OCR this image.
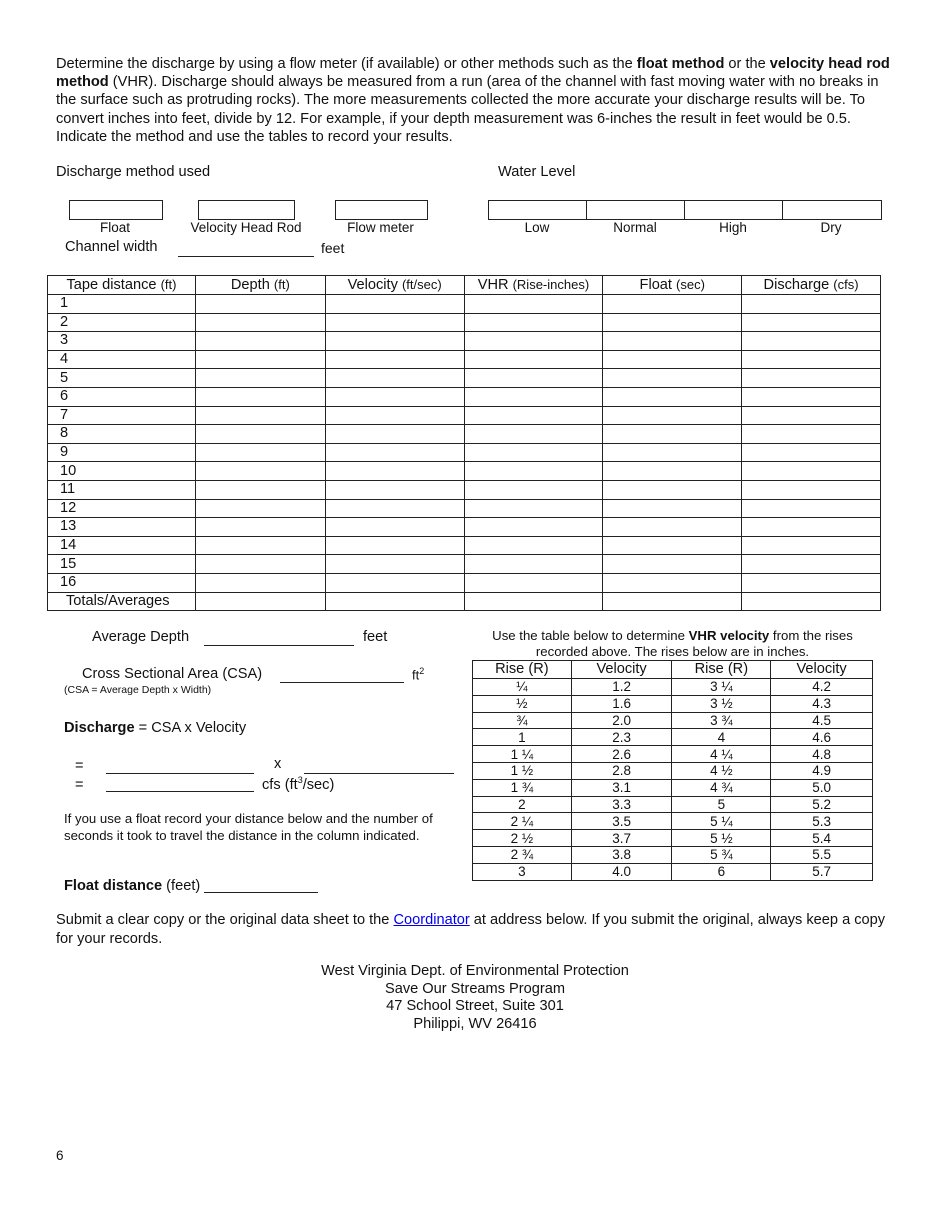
Determine the discharge by using a flow meter (if available) or other methods such as the float method or the velocity head rod method (VHR). Discharge should always be measured from a run (area of the channel with fast moving water with no breaks in the surface such as protruding rocks). The more measurements collected the more accurate your discharge results will be. To convert inches into feet, divide by 12. For example, if your depth measurement was 6-inches the result in feet would be 0.5. Indicate the method and use the tables to record your results.
Discharge method used	Water Level
Float	Velocity Head Rod	Flow meter	Low	Normal	High	Dry
Channel width	feet
Tape distance (ft)	Depth (ft)	Velocity (ft/sec)	VHR (Rise-inches)	Float (sec)	Discharge (cfs)
1					
2					
3					
4					
5					
6					
7					
8					
9					
10					
11					
12					
13					
14					
15					
16					
Totals/Averages					
Average Depth	feet
Cross Sectional Area (CSA)	$ft^2$
(CSA = Average Depth x Width)
Discharge = CSA x Velocity
=	x
=	cfs $(ft^3/\sec)$
If you use a float record your distance below and the number of seconds it took to travel the distance in the column indicated.
Float distance (feet) ______________
Use the table below to determine VHR velocity from the rises recorded above. The rises below are in inches.
Rise (R)	Velocity	Rise (R)	Velocity
¼	1.2	3 ¼	4.2
½	1.6	3 ½	4.3
¾	2.0	3 ¾	4.5
1	2.3	4	4.6
1 ¼	2.6	4 ¼	4.8
1 ½	2.8	4 ½	4.9
1 ¾	3.1	4 ¾	5.0
2	3.3	5	5.2
2 ¼	3.5	5 ¼	5.3
2 ½	3.7	5 ½	5.4
2 ¾	3.8	5 ¾	5.5
3	4.0	6	5.7
Submit a clear copy or the original data sheet to the Coordinator at address below. If you submit the original, always keep a copy for your records.
West Virginia Dept. of Environmental Protection
Save Our Streams Program
47 School Street, Suite 301
Philippi, WV 26416
6
